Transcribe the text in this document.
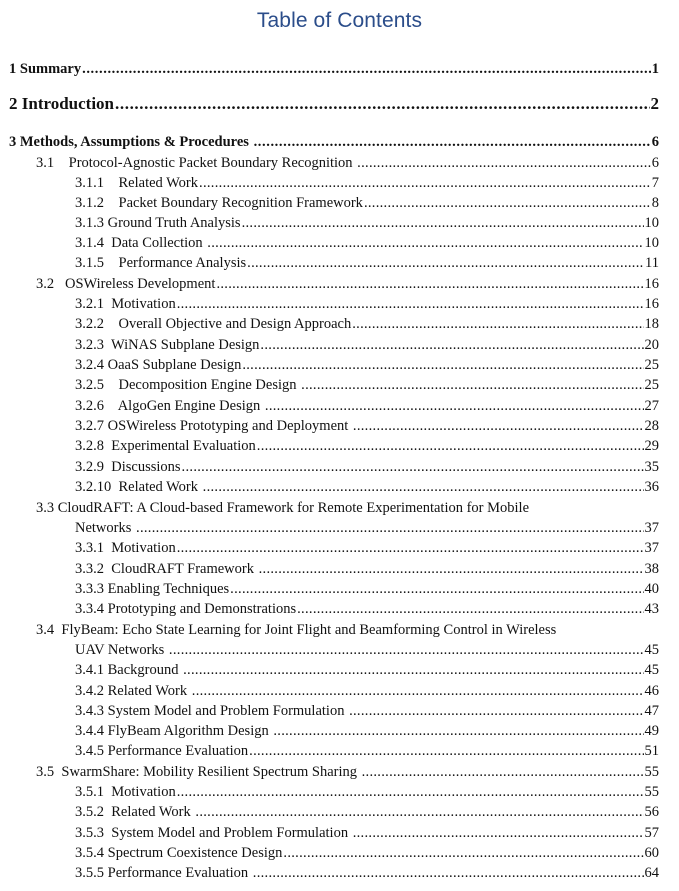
Table of Contents
1 Summary .....	1
2 Introduction .....	2
3 Methods, Assumptions & Procedures .....	6
3.1    Protocol-Agnostic Packet Boundary Recognition .....	6
3.1.1    Related Work .....	7
3.1.2    Packet Boundary Recognition Framework .....	8
3.1.3 Ground Truth Analysis .....	10
3.1.4  Data Collection .....	10
3.1.5    Performance Analysis .....	11
3.2   OSWireless Development .....	16
3.2.1  Motivation .....	16
3.2.2    Overall Objective and Design Approach .....	18
3.2.3  WiNAS Subplane Design .....	20
3.2.4 OaaS Subplane Design .....	25
3.2.5    Decomposition Engine Design .....	25
3.2.6    AlgoGen Engine Design .....	27
3.2.7 OSWireless Prototyping and Deployment .....	28
3.2.8  Experimental Evaluation .....	29
3.2.9  Discussions .....	35
3.2.10  Related Work .....	36
3.3 CloudRAFT: A Cloud-based Framework for Remote Experimentation for Mobile
Networks .....	37
3.3.1  Motivation .....	37
3.3.2  CloudRAFT Framework .....	38
3.3.3 Enabling Techniques .....	40
3.3.4 Prototyping and Demonstrations .....	43
3.4  FlyBeam: Echo State Learning for Joint Flight and Beamforming Control in Wireless
UAV Networks .....	45
3.4.1 Background .....	45
3.4.2 Related Work .....	46
3.4.3 System Model and Problem Formulation .....	47
3.4.4 FlyBeam Algorithm Design .....	49
3.4.5 Performance Evaluation .....	51
3.5  SwarmShare: Mobility Resilient Spectrum Sharing .....	55
3.5.1  Motivation .....	55
3.5.2  Related Work .....	56
3.5.3  System Model and Problem Formulation .....	57
3.5.4 Spectrum Coexistence Design .....	60
3.5.5 Performance Evaluation .....	64
